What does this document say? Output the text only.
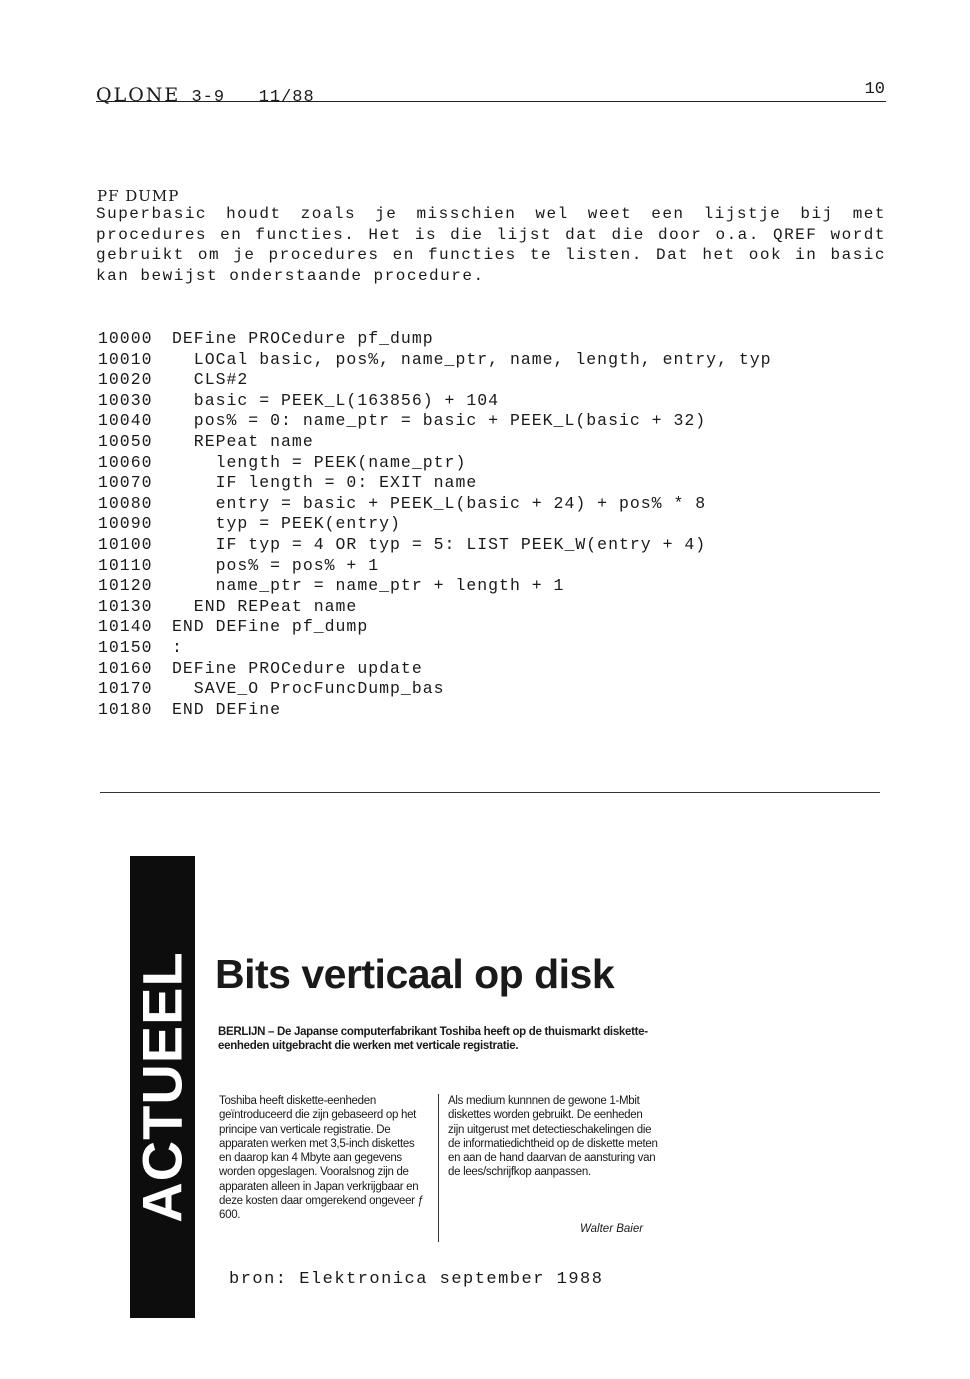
QLONE 3-9 11/88	10
PF DUMP
Superbasic houdt zoals je misschien wel weet een lijstje bij met procedures en functies. Het is die lijst dat die door o.a. QREF wordt gebruikt om je procedures en functies te listen. Dat het ook in basic kan bewijst onderstaande procedure.
10000 DEFine PROCedure pf_dump
10010  LOCal basic, pos%, name_ptr, name, length, entry, typ
10020  CLS#2
10030  basic = PEEK_L(163856) + 104
10040  pos% = 0: name_ptr = basic + PEEK_L(basic + 32)
10050  REPeat name
10060    length = PEEK(name_ptr)
10070    IF length = 0: EXIT name
10080    entry = basic + PEEK_L(basic + 24) + pos% * 8
10090    typ = PEEK(entry)
10100    IF typ = 4 OR typ = 5: LIST PEEK_W(entry + 4)
10110    pos% = pos% + 1
10120    name_ptr = name_ptr + length + 1
10130  END REPeat name
10140 END DEFine pf_dump
10150 :
10160 DEFine PROCedure update
10170  SAVE_O ProcFuncDump_bas
10180 END DEFine
ACTUEEL Bits verticaal op disk
BERLIJN – De Japanse computerfabrikant Toshiba heeft op de thuismarkt diskette-eenheden uitgebracht die werken met verticale registratie.
Toshiba heeft diskette-eenheden geïntroduceerd die zijn gebaseerd op het principe van verticale registratie. De apparaten werken met 3,5-inch diskettes en daarop kan 4 Mbyte aan gegevens worden opgeslagen. Vooralsnog zijn de apparaten alleen in Japan verkrijgbaar en deze kosten daar omgerekend ongeveer ƒ 600.
Als medium kunnnen de gewone 1-Mbit diskettes worden gebruikt. De eenheden zijn uitgerust met detectieschakelingen die de informatiedichtheid op de diskette meten en aan de hand daarvan de aansturing van de lees/schrijfkop aanpassen.
Walter Baier
bron: Elektronica september 1988
